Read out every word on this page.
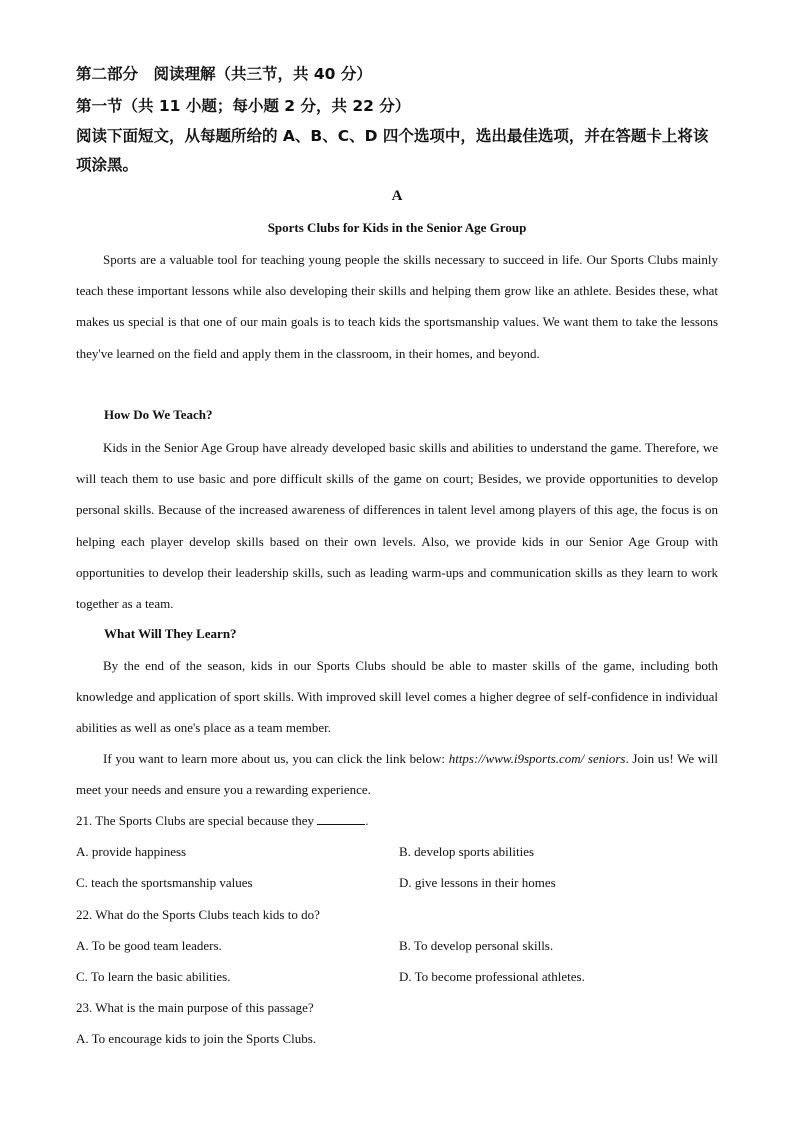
第二部分　阅读理解（共三节，共 40 分）
第一节（共 11 小题；每小题 2 分，共 22 分）
阅读下面短文，从每题所给的 A、B、C、D 四个选项中，选出最佳选项，并在答题卡上将该项涂黑。
A
Sports Clubs for Kids in the Senior Age Group
Sports are a valuable tool for teaching young people the skills necessary to succeed in life. Our Sports Clubs mainly teach these important lessons while also developing their skills and helping them grow like an athlete. Besides these, what makes us special is that one of our main goals is to teach kids the sportsmanship values. We want them to take the lessons they've learned on the field and apply them in the classroom, in their homes, and beyond.
How Do We Teach?
Kids in the Senior Age Group have already developed basic skills and abilities to understand the game. Therefore, we will teach them to use basic and pore difficult skills of the game on court; Besides, we provide opportunities to develop personal skills. Because of the increased awareness of differences in talent level among players of this age, the focus is on helping each player develop skills based on their own levels. Also, we provide kids in our Senior Age Group with opportunities to develop their leadership skills, such as leading warm-ups and communication skills as they learn to work together as a team.
What Will They Learn?
By the end of the season, kids in our Sports Clubs should be able to master skills of the game, including both knowledge and application of sport skills. With improved skill level comes a higher degree of self-confidence in individual abilities as well as one's place as a team member.
If you want to learn more about us, you can click the link below: https://www.i9sports.com/ seniors. Join us! We will meet your needs and ensure you a rewarding experience.
21. The Sports Clubs are special because they	.
A. provide happiness	B. develop sports abilities
C. teach the sportsmanship values	D. give lessons in their homes
22. What do the Sports Clubs teach kids to do?
A. To be good team leaders.	B. To develop personal skills.
C. To learn the basic abilities.	D. To become professional athletes.
23. What is the main purpose of this passage?
A. To encourage kids to join the Sports Clubs.
